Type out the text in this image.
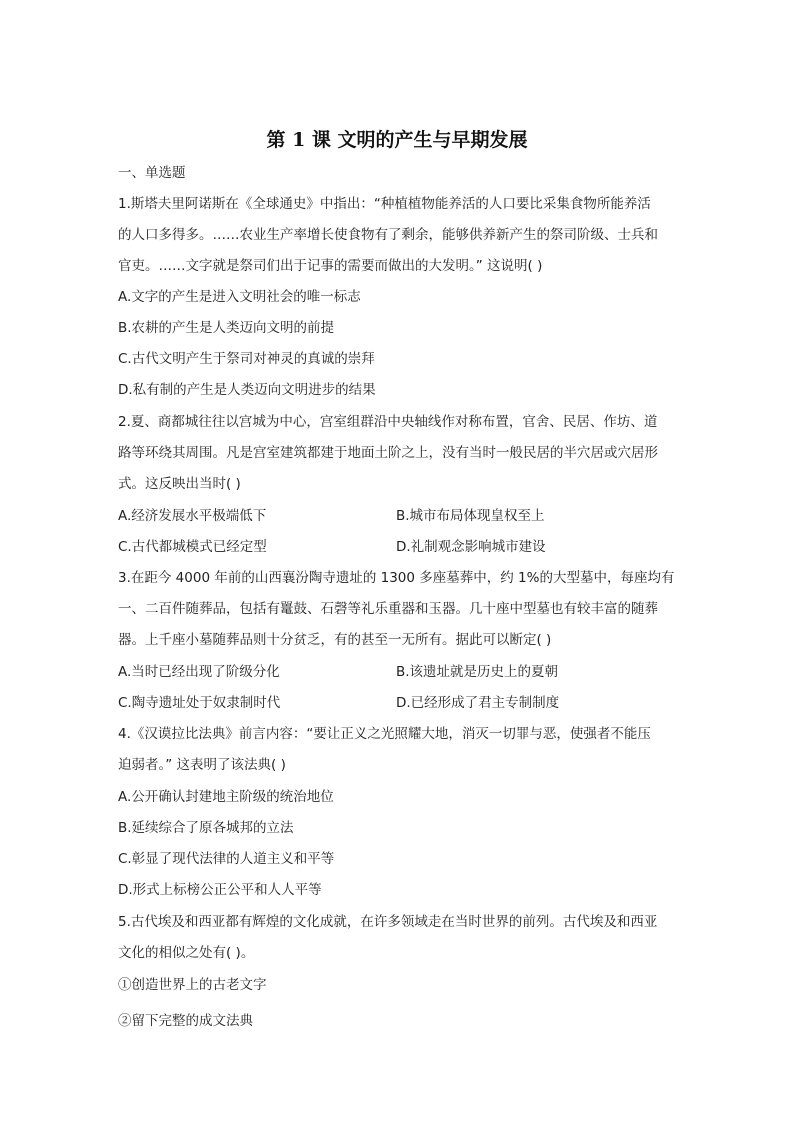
第 1 课 文明的产生与早期发展
一、单选题
1.斯塔夫里阿诺斯在《全球通史》中指出：“种植植物能养活的人口要比采集食物所能养活
的人口多得多。……农业生产率增长使食物有了剩余，能够供养新产生的祭司阶级、士兵和
官吏。……文字就是祭司们出于记事的需要而做出的大发明。” 这说明( )
A.文字的产生是进入文明社会的唯一标志
B.农耕的产生是人类迈向文明的前提
C.古代文明产生于祭司对神灵的真诚的崇拜
D.私有制的产生是人类迈向文明进步的结果
2.夏、商都城往往以宫城为中心，宫室组群沿中央轴线作对称布置，官舍、民居、作坊、道
路等环绕其周围。凡是宫室建筑都建于地面土阶之上，没有当时一般民居的半穴居或穴居形
式。这反映出当时( )
A.经济发展水平极端低下	B.城市布局体现皇权至上
C.古代都城模式已经定型	D.礼制观念影响城市建设
3.在距今 4000 年前的山西襄汾陶寺遗址的 1300 多座墓葬中，约 1%的大型墓中，每座均有
一、二百件随葬品，包括有鼍鼓、石磬等礼乐重器和玉器。几十座中型墓也有较丰富的随葬
器。上千座小墓随葬品则十分贫乏，有的甚至一无所有。据此可以断定( )
A.当时已经出现了阶级分化	B.该遗址就是历史上的夏朝
C.陶寺遗址处于奴隶制时代	D.已经形成了君主专制制度
4.《汉谟拉比法典》前言内容：“要让正义之光照耀大地，消灭一切罪与恶，使强者不能压
迫弱者。” 这表明了该法典( )
A.公开确认封建地主阶级的统治地位
B.延续综合了原各城邦的立法
C.彰显了现代法律的人道主义和平等
D.形式上标榜公正公平和人人平等
5.古代埃及和西亚都有辉煌的文化成就，在许多领域走在当时世界的前列。古代埃及和西亚
文化的相似之处有( )。
①创造世界上的古老文字
②留下完整的成文法典
